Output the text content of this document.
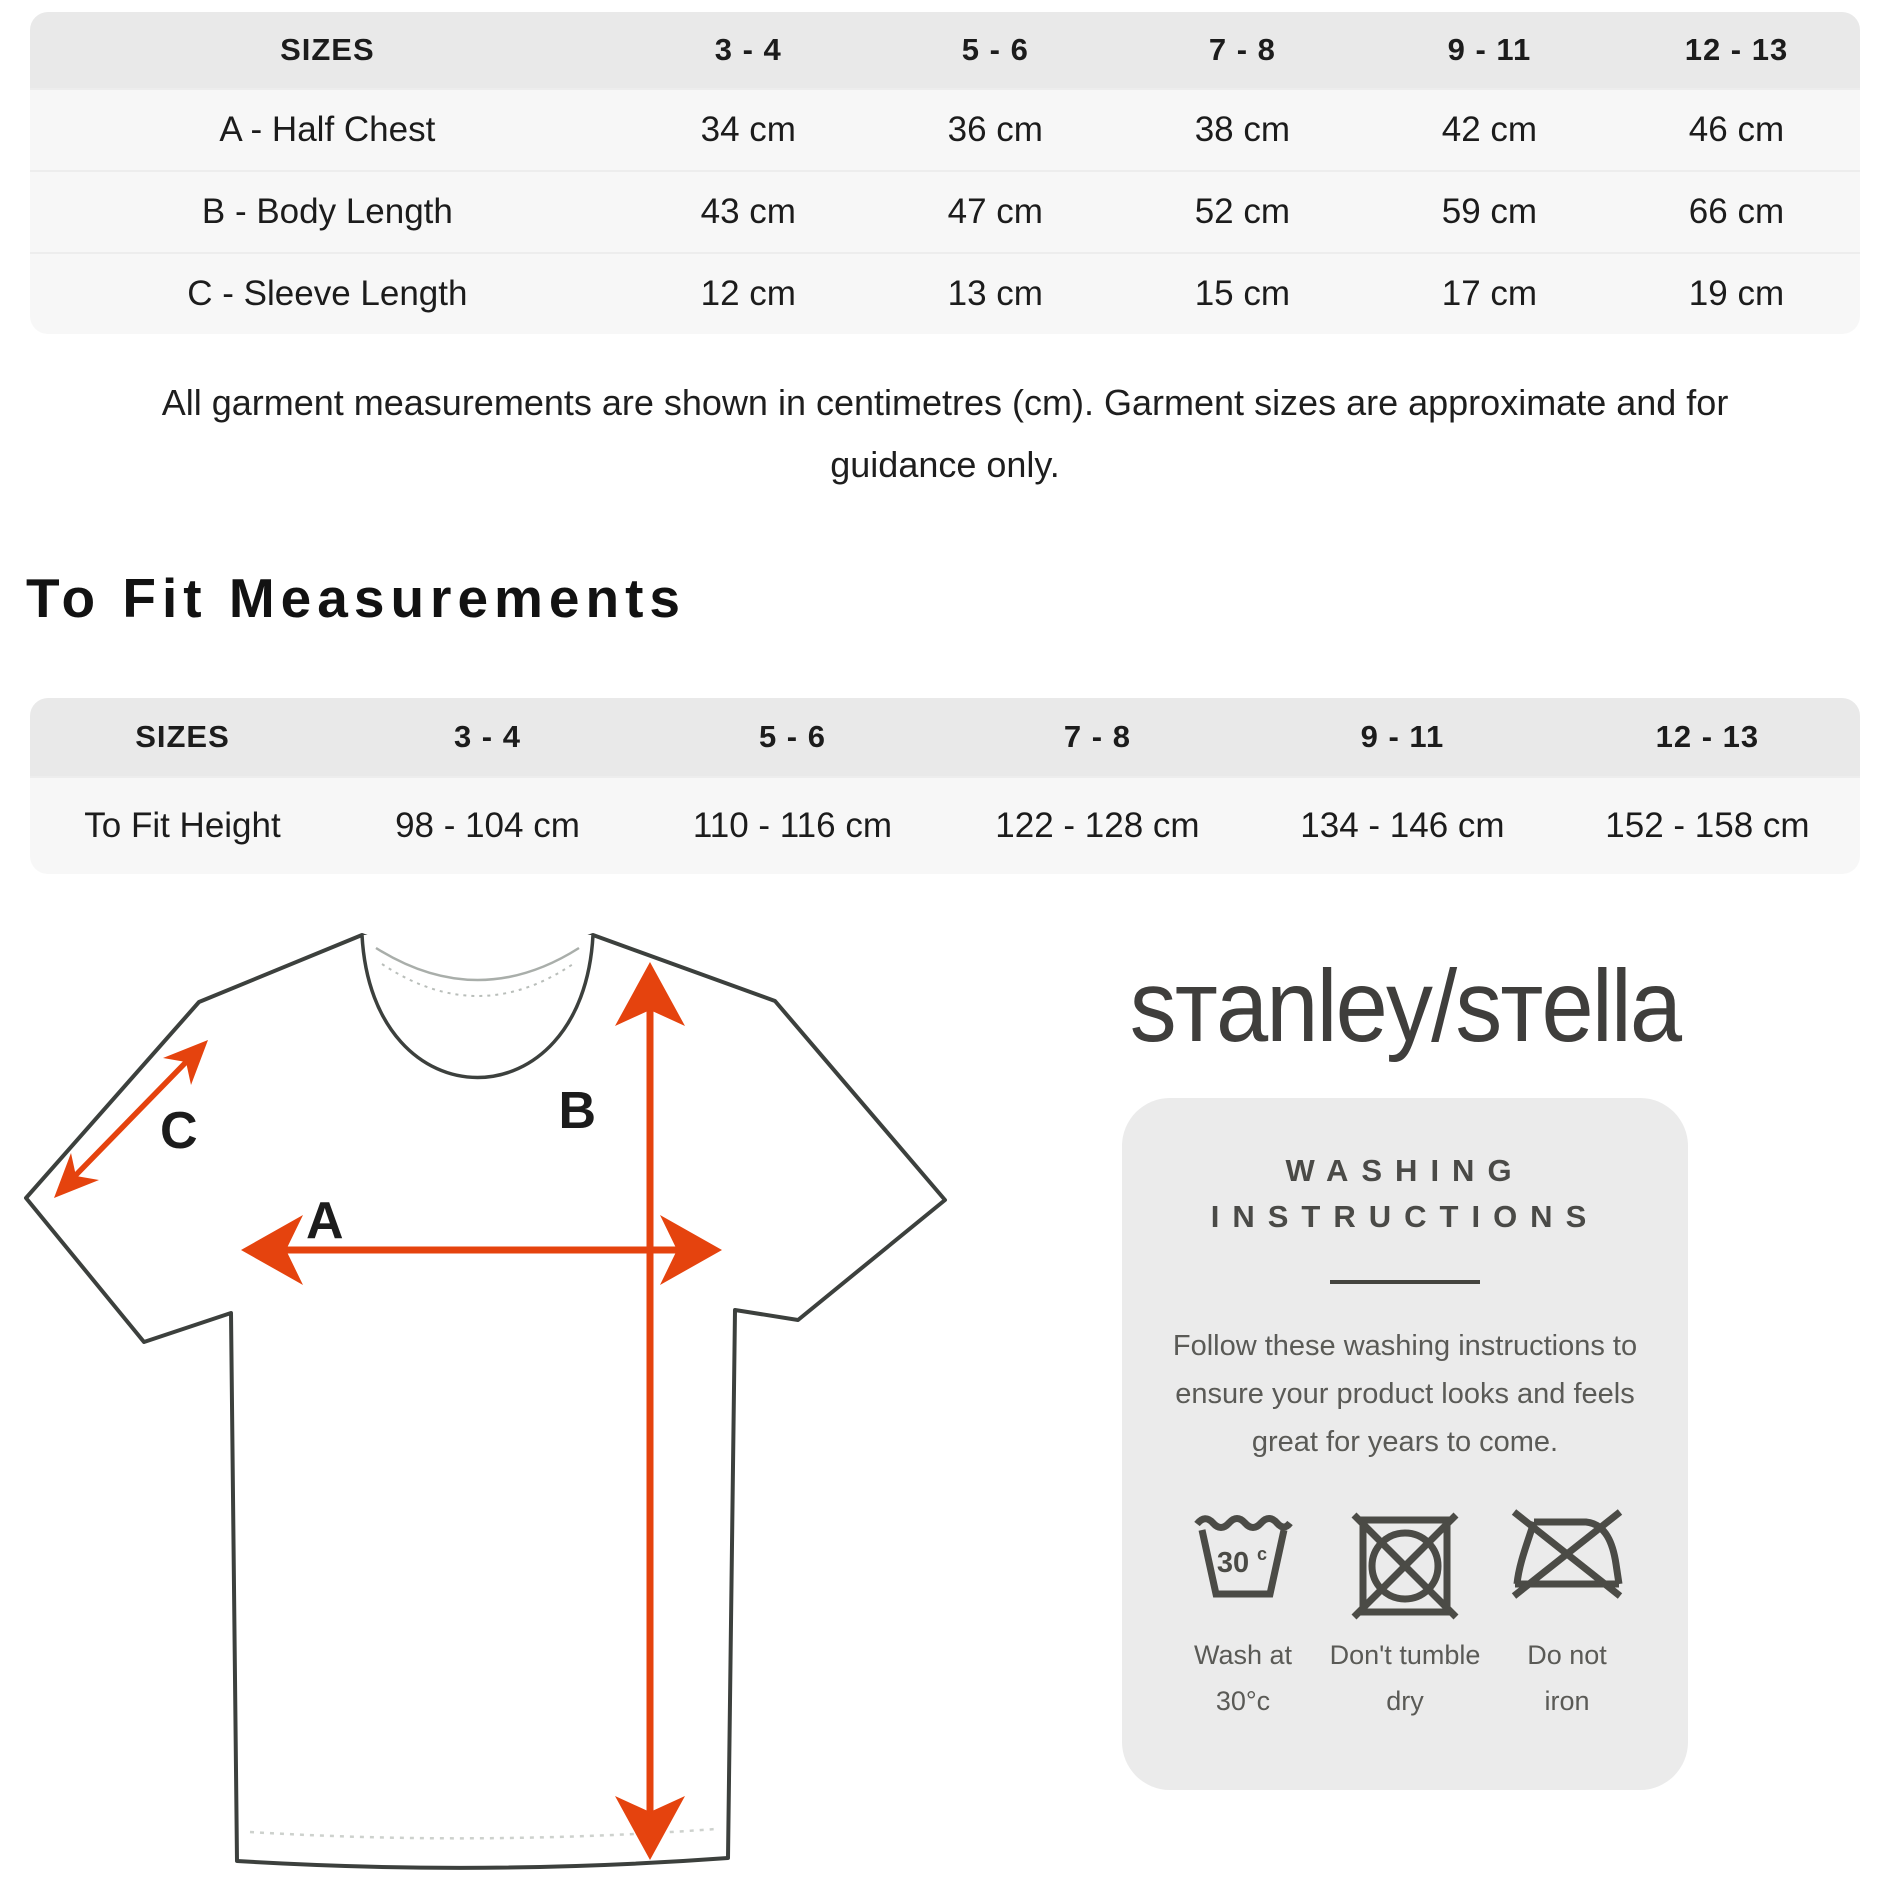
SIZES	3 - 4	5 - 6	7 - 8	9 - 11	12 - 13
A - Half Chest	34 cm	36 cm	38 cm	42 cm	46 cm
B - Body Length	43 cm	47 cm	52 cm	59 cm	66 cm
C - Sleeve Length	12 cm	13 cm	15 cm	17 cm	19 cm

All garment measurements are shown in centimetres (cm). Garment sizes are approximate and for guidance only.

To Fit Measurements
SIZES	3 - 4	5 - 6	7 - 8	9 - 11	12 - 13
To Fit Height	98 - 104 cm	110 - 116 cm	122 - 128 cm	134 - 146 cm	152 - 158 cm
A
B
C
sтanley/sтella
WASHING
INSTRUCTIONS

Follow these washing instructions to ensure your product looks and feels great for years to come.

30 c
Wash at
30°c
Don't tumble
dry
Do not
iron
